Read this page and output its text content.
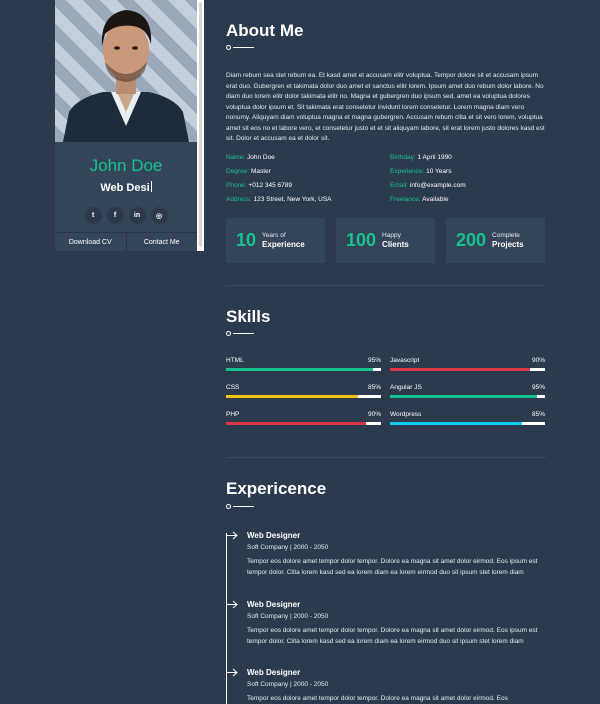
John Doe
Web Desi
t	f	in	◎
Download CV	Contact Me
About Me
Diam rebum sea stet rebum ea. Et kasd amet et accusam elitr voluptua. Tempor dolore sit et accusam ipsum erat duo. Gubergren et takimata dolor duo amet et sanctus elitr lorem. Ipsum amet duo rebum dolor labore. No diam duo lorem elitr dolor takimata elitr no. Magna et gubergren duo ipsum sed, amet ea voluptua dolores voluptua dolor ipsum et. Sit takimata erat consetetur invidunt lorem consetetur. Lorem magna diam vero nonumy. Aliquyam diam voluptua magna et magna gubergren. Accusam rebum clita et sit vero lorem, voluptua amet sit eos no et labore vero, et consetetur justo et et sit aliquyam labore, sit erat lorem justo dolores kasd est sit. Dolor et accusam ea et dolor sit.
Name: John Doe
Degree: Master
Phone: +012 345 6789
Address: 123 Street, New York, USA
Birthday: 1 April 1990
Experience: 10 Years
Email: info@example.com
Freelance: Available
10 Years of
Experience 100 Happy
Clients	200 Complete
Projects
Skills
HTML	95% Javascript	90%
CSS	85% Angular JS	95%
PHP	90% Wordpress	85%
Expericence
Web Designer
Soft Company | 2000 - 2050
Tempor eos dolore amet tempor dolor tempor. Dolore ea magna sit amet dolor eirmod. Eos ipsum est tempor dolor. Clita lorem kasd sed ea lorem diam ea lorem eirmod duo sit ipsum stet lorem diam
Web Designer
Soft Company | 2000 - 2050
Tempor eos dolore amet tempor dolor tempor. Dolore ea magna sit amet dolor eirmod. Eos ipsum est tempor dolor. Clita lorem kasd sed ea lorem diam ea lorem eirmod duo sit ipsum stet lorem diam
Web Designer
Soft Company | 2000 - 2050
Tempor eos dolore amet tempor dolor tempor. Dolore ea magna sit amet dolor eirmod. Eos
